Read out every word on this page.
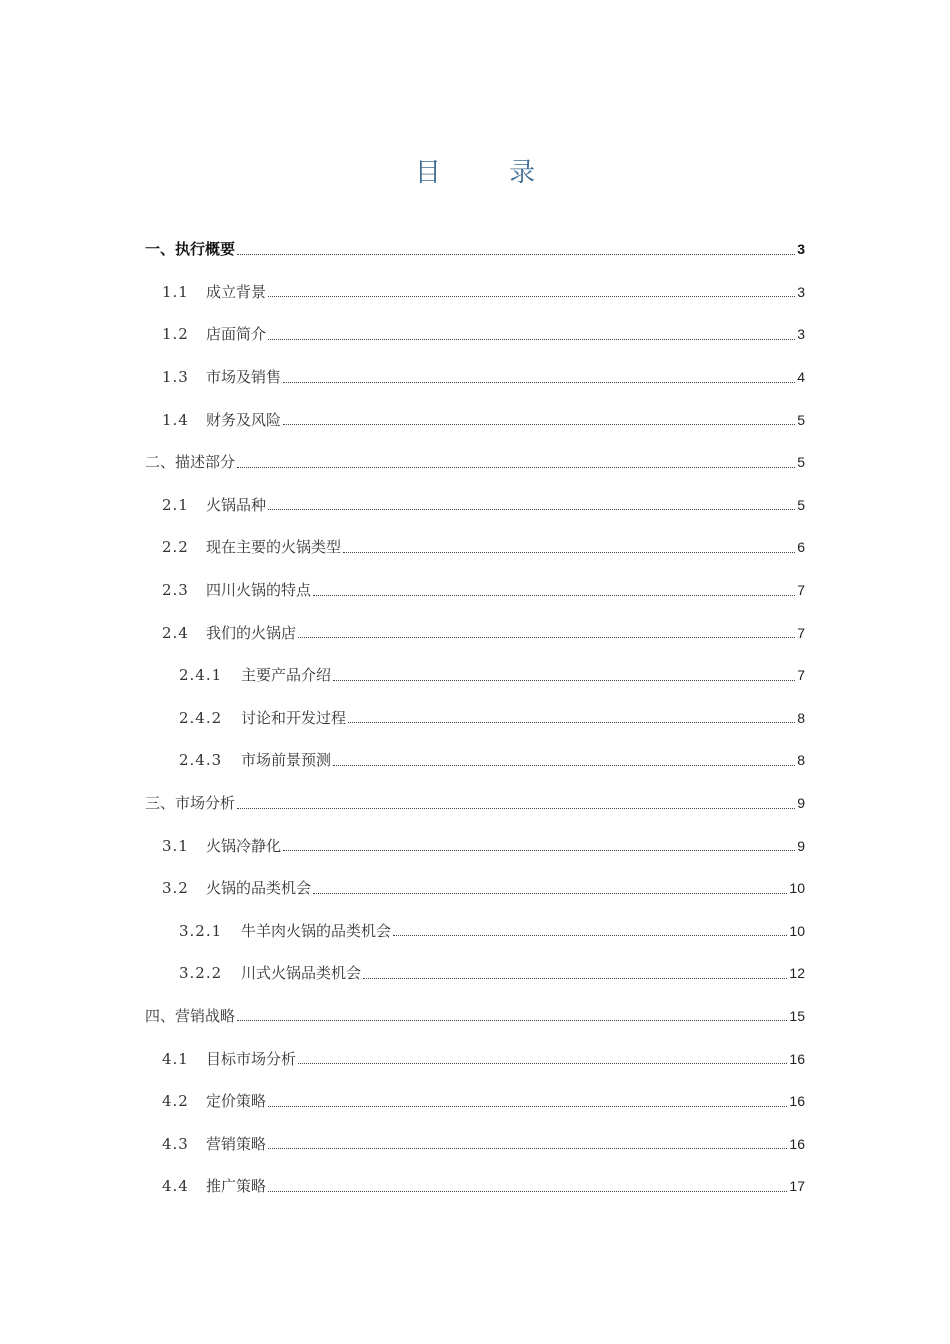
目 录
一、执行概要	3
1.1	成立背景	3
1.2	店面简介	3
1.3	市场及销售	4
1.4	财务及风险	5
二、描述部分	5
2.1	火锅品种	5
2.2	现在主要的火锅类型	6
2.3	四川火锅的特点	7
2.4	我们的火锅店	7
2.4.1	主要产品介绍	7
2.4.2	讨论和开发过程	8
2.4.3	市场前景预测	8
三、市场分析	9
3.1	火锅冷静化	9
3.2	火锅的品类机会	10
3.2.1	牛羊肉火锅的品类机会	10
3.2.2	川式火锅品类机会	12
四、营销战略	15
4.1	目标市场分析	16
4.2	定价策略	16
4.3	营销策略	16
4.4	推广策略	17
